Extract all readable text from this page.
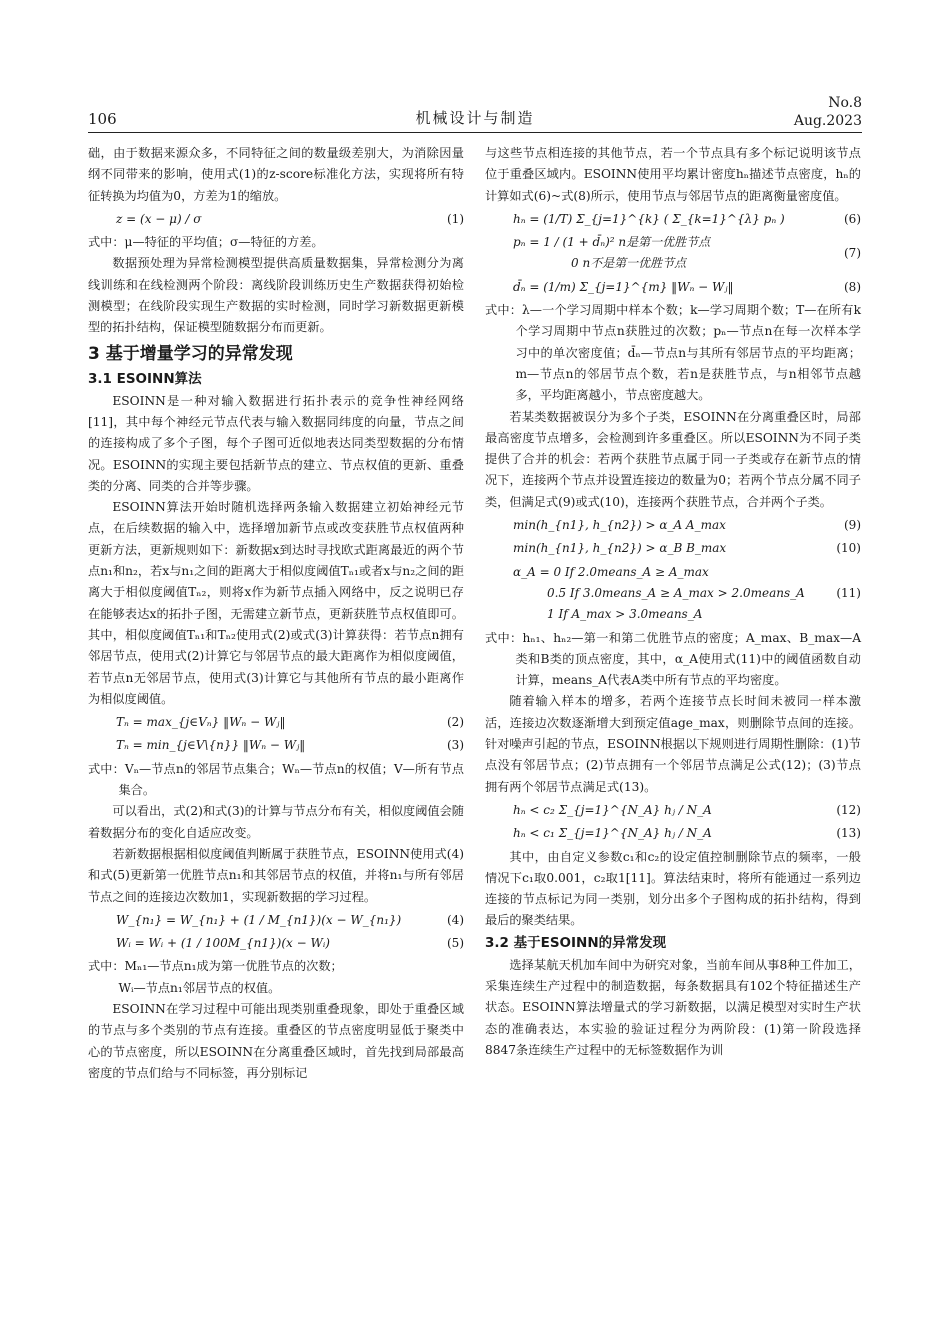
106	机械设计与制造
No.8
Aug.2023

础，由于数据来源众多，不同特征之间的数量级差别大，为消除因量纲不同带来的影响，使用式(1)的z-score标准化方法，实现将所有特征转换为均值为0，方差为1的缩放。

z = (x − μ) / σ	(1)

式中：μ—特征的平均值；σ—特征的方差。

数据预处理为异常检测模型提供高质量数据集，异常检测分为离线训练和在线检测两个阶段：离线阶段训练历史生产数据获得初始检测模型；在线阶段实现生产数据的实时检测，同时学习新数据更新模型的拓扑结构，保证模型随数据分布而更新。

3 基于增量学习的异常发现
3.1 ESOINN算法

ESOINN是一种对输入数据进行拓扑表示的竞争性神经网络[11]，其中每个神经元节点代表与输入数据同纬度的向量，节点之间的连接构成了多个子图，每个子图可近似地表达同类型数据的分布情况。ESOINN的实现主要包括新节点的建立、节点权值的更新、重叠类的分离、同类的合并等步骤。

ESOINN算法开始时随机选择两条输入数据建立初始神经元节点，在后续数据的输入中，选择增加新节点或改变获胜节点权值两种更新方法，更新规则如下：新数据x到达时寻找欧式距离最近的两个节点n₁和n₂，若x与n₁之间的距离大于相似度阈值Tₙ₁或者x与n₂之间的距离大于相似度阈值Tₙ₂，则将x作为新节点插入网络中，反之说明已存在能够表达x的拓扑子图，无需建立新节点，更新获胜节点权值即可。其中，相似度阈值Tₙ₁和Tₙ₂使用式(2)或式(3)计算获得：若节点n拥有邻居节点，使用式(2)计算它与邻居节点的最大距离作为相似度阈值，若节点n无邻居节点，使用式(3)计算它与其他所有节点的最小距离作为相似度阈值。

Tₙ = max_{j∈Vₙ} ‖Wₙ − Wⱼ‖	(2)
Tₙ = min_{j∈V\{n}} ‖Wₙ − Wⱼ‖	(3)

式中：Vₙ—节点n的邻居节点集合；Wₙ—节点n的权值；V—所有节点集合。

可以看出，式(2)和式(3)的计算与节点分布有关，相似度阈值会随着数据分布的变化自适应改变。

若新数据根据相似度阈值判断属于获胜节点，ESOINN使用式(4)和式(5)更新第一优胜节点n₁和其邻居节点的权值，并将n₁与所有邻居节点之间的连接边次数加1，实现新数据的学习过程。

W_{n₁} = W_{n₁} + (1 / M_{n1})(x − W_{n₁})	(4)
Wᵢ = Wᵢ + (1 / 100M_{n1})(x − Wᵢ)	(5)

式中：Mₙ₁—节点n₁成为第一优胜节点的次数；

Wᵢ—节点n₁邻居节点的权值。

ESOINN在学习过程中可能出现类别重叠现象，即处于重叠区域的节点与多个类别的节点有连接。重叠区的节点密度明显低于聚类中心的节点密度，所以ESOINN在分离重叠区域时，首先找到局部最高密度的节点们给与不同标签，再分别标记

与这些节点相连接的其他节点，若一个节点具有多个标记说明该节点位于重叠区域内。ESOINN使用平均累计密度hₙ描述节点密度，hₙ的计算如式(6)~式(8)所示，使用节点与邻居节点的距离衡量密度值。

hₙ = (1/T) Σ_{j=1}^{k} ( Σ_{k=1}^{λ} pₙ )	(6)
pₙ = 1 / (1 + d̄ₙ)² n是第一优胜节点
0 n不是第一优胜节点
(7)
d̄ₙ = (1/m) Σ_{j=1}^{m} ‖Wₙ − Wⱼ‖	(8)

式中：λ—一个学习周期中样本个数；k—学习周期个数；T—在所有k个学习周期中节点n获胜过的次数；pₙ—节点n在每一次样本学习中的单次密度值；d̄ₙ—节点n与其所有邻居节点的平均距离；m—节点n的邻居节点个数，若n是获胜节点，与n相邻节点越多，平均距离越小，节点密度越大。

若某类数据被误分为多个子类，ESOINN在分离重叠区时，局部最高密度节点增多，会检测到许多重叠区。所以ESOINN为不同子类提供了合并的机会：若两个获胜节点属于同一子类或存在新节点的情况下，连接两个节点并设置连接边的数量为0；若两个节点分属不同子类，但满足式(9)或式(10)，连接两个获胜节点，合并两个子类。

min(h_{n1}, h_{n2}) > α_A A_max	(9)
min(h_{n1}, h_{n2}) > α_B B_max	(10)
α_A = 0 If 2.0means_A ≥ A_max
0.5 If 3.0means_A ≥ A_max > 2.0means_A
1 If A_max > 3.0means_A
(11)

式中：hₙ₁、hₙ₂—第一和第二优胜节点的密度；A_max、B_max—A类和B类的顶点密度，其中，α_A使用式(11)中的阈值函数自动计算，means_A代表A类中所有节点的平均密度。

随着输入样本的增多，若两个连接节点长时间未被同一样本激活，连接边次数逐渐增大到预定值age_max，则删除节点间的连接。针对噪声引起的节点，ESOINN根据以下规则进行周期性删除：(1)节点没有邻居节点；(2)节点拥有一个邻居节点满足公式(12)；(3)节点拥有两个邻居节点满足式(13)。

hₙ < c₂ Σ_{j=1}^{N_A} hⱼ / N_A	(12)
hₙ < c₁ Σ_{j=1}^{N_A} hⱼ / N_A	(13)

其中，由自定义参数c₁和c₂的设定值控制删除节点的频率，一般情况下c₁取0.001，c₂取1[11]。算法结束时，将所有能通过一系列边连接的节点标记为同一类别，划分出多个子图构成的拓扑结构，得到最后的聚类结果。

3.2 基于ESOINN的异常发现

选择某航天机加车间中为研究对象，当前车间从事8种工件加工，采集连续生产过程中的制造数据，每条数据具有102个特征描述生产状态。ESOINN算法增量式的学习新数据，以满足模型对实时生产状态的准确表达，本实验的验证过程分为两阶段：(1)第一阶段选择8847条连续生产过程中的无标签数据作为训
